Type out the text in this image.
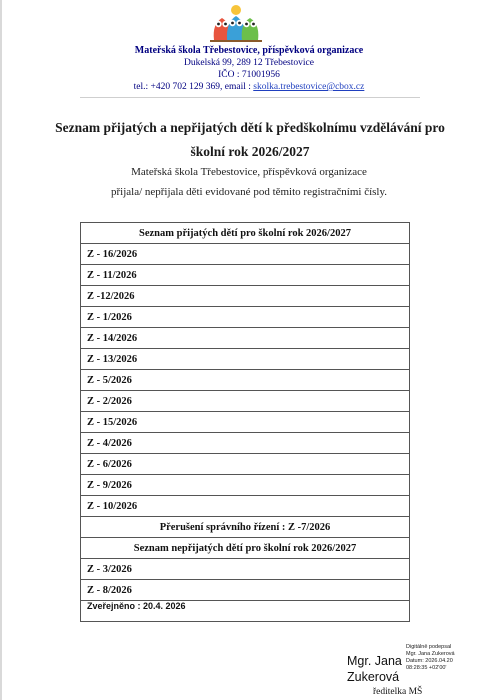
Mateřská škola Třebestovice, příspěvková organizace
Dukelská 99, 289 12 Třebestovice
IČO : 71001956
tel.: +420 702 129 369, email : skolka.trebestovice@cbox.cz
Seznam přijatých a nepřijatých dětí k předškolnímu vzdělávání pro
školní rok 2026/2027
Mateřská škola Třebestovice, příspěvková organizace
přijala/ nepřijala děti evidované pod těmito registračními čísly.
Seznam přijatých dětí pro školní rok 2026/2027
Z - 16/2026
Z - 11/2026
Z -12/2026
Z - 1/2026
Z - 14/2026
Z - 13/2026
Z - 5/2026
Z - 2/2026
Z - 15/2026
Z - 4/2026
Z - 6/2026
Z - 9/2026
Z - 10/2026
Přerušení správního řízení : Z -7/2026
Seznam nepřijatých dětí pro školní rok 2026/2027
Z - 3/2026
Z - 8/2026
Zveřejněno : 20.4. 2026
Mgr. Jana
Zukerová
Digitálně podepsal
Mgr. Jana Zukerová
Datum: 2026.04.20
08:28:35 +02'00'
ředitelka MŠ
